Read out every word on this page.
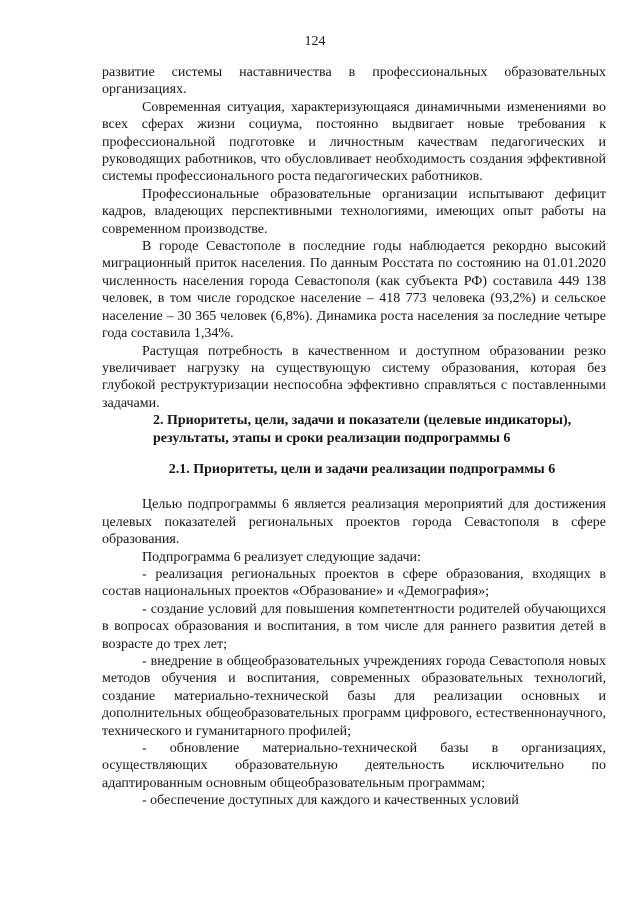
124

развитие системы наставничества в профессиональных образовательных организациях.

Современная ситуация, характеризующаяся динамичными изменениями во всех сферах жизни социума, постоянно выдвигает новые требования к профессиональной подготовке и личностным качествам педагогических и руководящих работников, что обусловливает необходимость создания эффективной системы профессионального роста педагогических работников.

Профессиональные образовательные организации испытывают дефицит кадров, владеющих перспективными технологиями, имеющих опыт работы на современном производстве.

В городе Севастополе в последние годы наблюдается рекордно высокий миграционный приток населения. По данным Росстата по состоянию на 01.01.2020 численность населения города Севастополя (как субъекта РФ) составила 449 138 человек, в том числе городское население – 418 773 человека (93,2%) и сельское население – 30 365 человек (6,8%). Динамика роста населения за последние четыре года составила 1,34%.

Растущая потребность в качественном и доступном образовании резко увеличивает нагрузку на существующую систему образования, которая без глубокой реструктуризации неспособна эффективно справляться с поставленными задачами.

2. Приоритеты, цели, задачи и показатели (целевые индикаторы), результаты, этапы и сроки реализации подпрограммы 6

2.1. Приоритеты, цели и задачи реализации подпрограммы 6

Целью подпрограммы 6 является реализация мероприятий для достижения целевых показателей региональных проектов города Севастополя в сфере образования.

Подпрограмма 6 реализует следующие задачи:

- реализация региональных проектов в сфере образования, входящих в состав национальных проектов «Образование» и «Демография»;

- создание условий для повышения компетентности родителей обучающихся в вопросах образования и воспитания, в том числе для раннего развития детей в возрасте до трех лет;

- внедрение в общеобразовательных учреждениях города Севастополя новых методов обучения и воспитания, современных образовательных технологий, создание материально-технической базы для реализации основных и дополнительных общеобразовательных программ цифрового, естественнонаучного, технического и гуманитарного профилей;

- обновление материально-технической базы в организациях, осуществляющих образовательную деятельность исключительно по адаптированным основным общеобразовательным программам;

- обеспечение доступных для каждого и качественных условий
